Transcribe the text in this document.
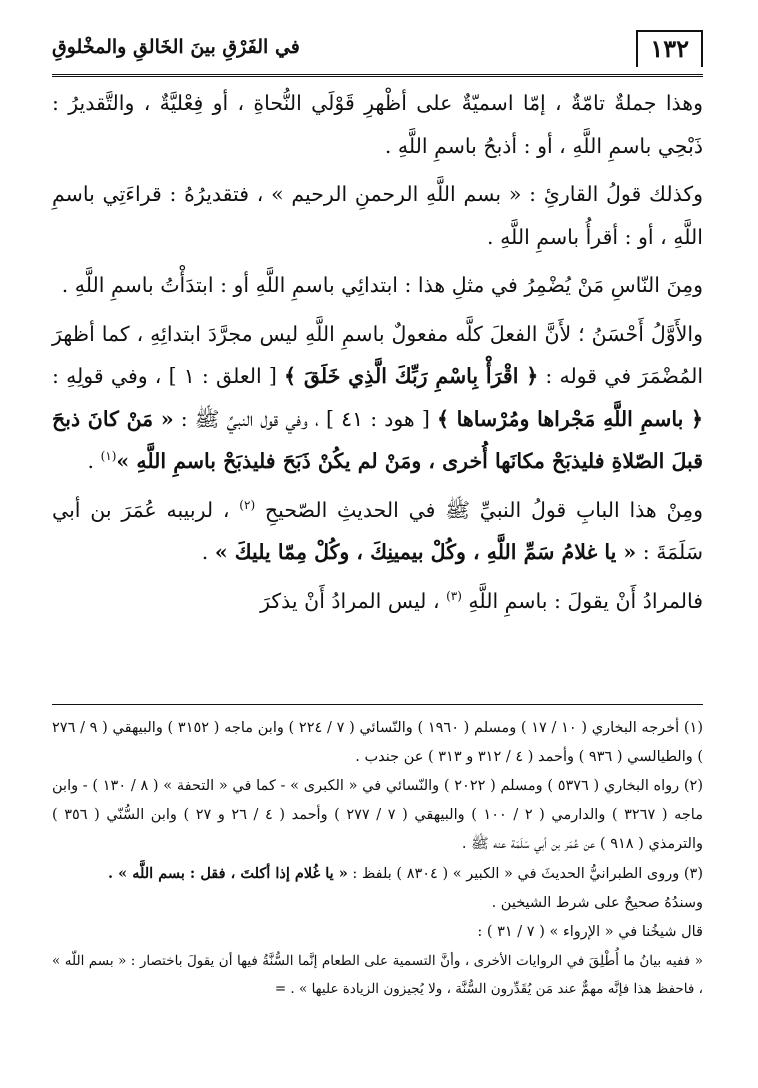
١٣٢
في الفَرْقِ بينَ الخَالقِ والمخْلوقِ

وهذا جملةٌ تامّةٌ ، إمّا اسميّةٌ على أظْهرِ قَوْلَي النُّحاةِ ، أو فِعْليَّةٌ ، والتَّقديرُ : ذَبْحِي باسمِ اللَّهِ ، أو : أذبحُ باسمِ اللَّهِ .

وكذلك قولُ القارئِ : « بسم اللَّهِ الرحمنِ الرحيم » ، فتقديرُهُ : قراءَتِي باسمِ اللَّهِ ، أو : أقرأُ باسمِ اللَّهِ .

ومِنَ النّاسِ مَنْ يُضْمِرُ في مثلِ هذا : ابتدائِي باسمِ اللَّهِ أو : ابتدَأْتُ باسمِ اللَّهِ .

والأَوَّلُ أَحْسَنُ ؛ لأَنَّ الفعلَ كلَّه مفعولٌ باسمِ اللَّهِ ليس مجرَّدَ ابتدائِهِ ، كما أظهرَ المُضْمَرَ في قوله : ﴿ اقْرَأْ بِاسْمِ رَبِّكَ الَّذِي خَلَقَ ﴾ [ العلق : ١ ] ، وفي قولِهِ : ﴿ باسمِ اللَّهِ مَجْراها ومُرْساها ﴾ [ هود : ٤١ ] ، وفي قول النبيِّ ﷺ : « مَنْ كانَ ذبحَ قبلَ الصّلاةِ فليذبَحْ مكانَها أُخرى ، ومَنْ لم يكُنْ ذَبَحَ فليذبَحْ باسمِ اللَّهِ »$^{(١)}$ .

ومِنْ هذا البابِ قولُ النبيِّ ﷺ في الحديثِ الصّحيحِ $^{(٢)}$ ، لربيبه عُمَرَ بن أبي سَلَمَةَ : « يا غلامُ سَمِّ اللَّهِ ، وكُلْ بيمينِكَ ، وكُلْ مِمّا يليكَ » .

فالمرادُ أَنْ يقولَ : باسمِ اللَّهِ $^{(٣)}$ ، ليس المرادُ أَنْ يذكرَ

(١) أخرجه البخاري ( ١٠ / ١٧ ) ومسلم ( ١٩٦٠ ) والنّسائي ( ٧ / ٢٢٤ ) وابن ماجه ( ٣١٥٢ ) والبيهقي ( ٩ / ٢٧٦ ) والطيالسي ( ٩٣٦ ) وأحمد ( ٤ / ٣١٢ و ٣١٣ ) عن جندب .

(٢) رواه البخاري ( ٥٣٧٦ ) ومسلم ( ٢٠٢٢ ) والنّسائي في « الكبرى » - كما في « التحفة » ( ٨ / ١٣٠ ) - وابن ماجه ( ٣٢٦٧ ) والدارمي ( ٢ / ١٠٠ ) والبيهقي ( ٧ / ٢٧٧ ) وأحمد ( ٤ / ٢٦ و ٢٧ ) وابن السُّنّي ( ٣٥٦ ) والترمذي ( ٩١٨ ) عن عُمَر بن أبي سَلَمَة عنه ﷺ .

(٣) وروى الطبرانيُّ الحديثَ في « الكبير » ( ٨٣٠٤ ) بلفظ : « يا غُلام إذا أكلتَ ، فقل : بسم اللَّه » .

وسندُهُ صحيحٌ على شرط الشيخين .

قال شيخُنا في « الإرواء » ( ٧ / ٣١ ) :

« ففيه بيانُ ما أُطْلِقَ في الروايات الأخرى ، وأنَّ التسمية على الطعام إنَّما السُّنَّةُ فيها أن يقولَ باختصار : « بسم اللّه » ، فاحفظ هذا فإنَّه مهمٌّ عند مَن يُقَدِّرون السُّنَّة ، ولا يُجيزون الزيادة عليها » . =
